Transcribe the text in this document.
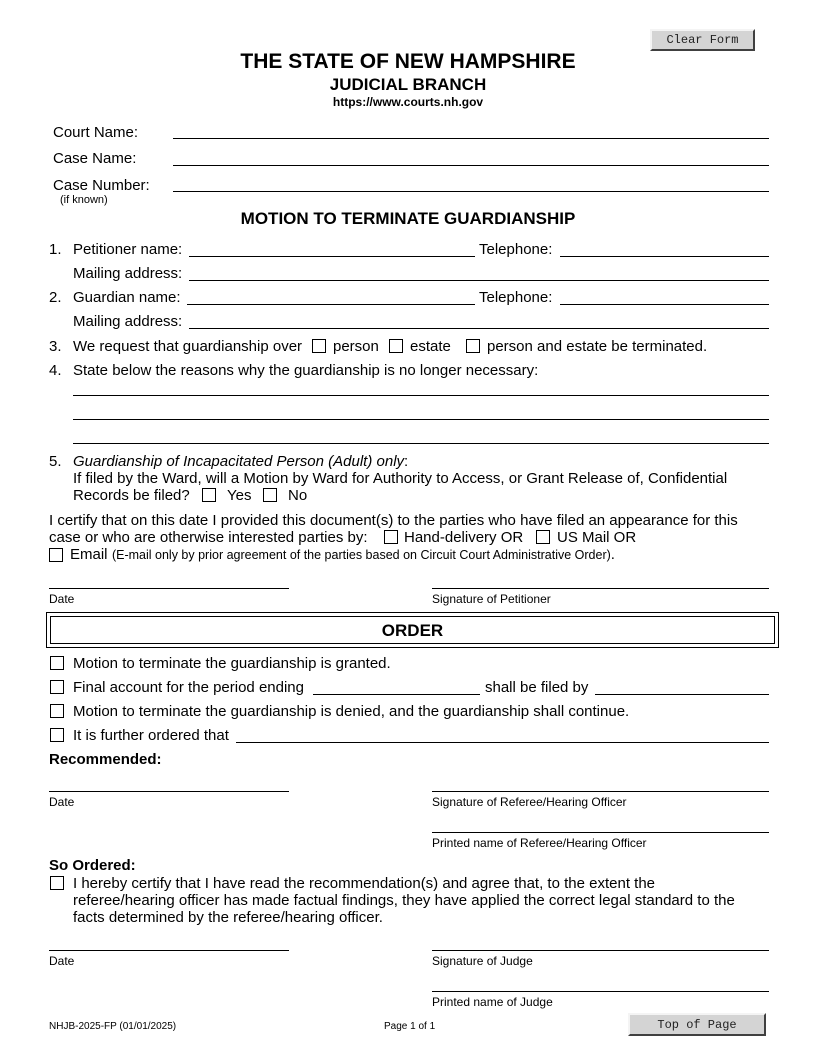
Clear Form
Top of Page
THE STATE OF NEW HAMPSHIRE
JUDICIAL BRANCH
https://www.courts.nh.gov
Court Name:
Case Name:
Case Number:
(if known)
MOTION TO TERMINATE GUARDIANSHIP
1. Petitioner name:	Telephone:
Mailing address:
2. Guardian name:	Telephone:
Mailing address:
3. We request that guardianship over person estate person and estate be terminated.
4. State below the reasons why the guardianship is no longer necessary:
5. Guardianship of Incapacitated Person (Adult) only:
If filed by the Ward, will a Motion by Ward for Authority to Access, or Grant Release of, Confidential
Records be filed? Yes No
I certify that on this date I provided this document(s) to the parties who have filed an appearance for this
case or who are otherwise interested parties by: Hand-delivery OR US Mail OR
Email (E-mail only by prior agreement of the parties based on Circuit Court Administrative Order).
Date	Signature of Petitioner
ORDER
Motion to terminate the guardianship is granted.
Final account for the period ending	shall be filed by
Motion to terminate the guardianship is denied, and the guardianship shall continue.
It is further ordered that
Recommended:
Date	Signature of Referee/Hearing Officer
Printed name of Referee/Hearing Officer
So Ordered:
I hereby certify that I have read the recommendation(s) and agree that, to the extent the
referee/hearing officer has made factual findings, they have applied the correct legal standard to the
facts determined by the referee/hearing officer.
Date	Signature of Judge
Printed name of Judge
NHJB-2025-FP (01/01/2025)	Page 1 of 1
